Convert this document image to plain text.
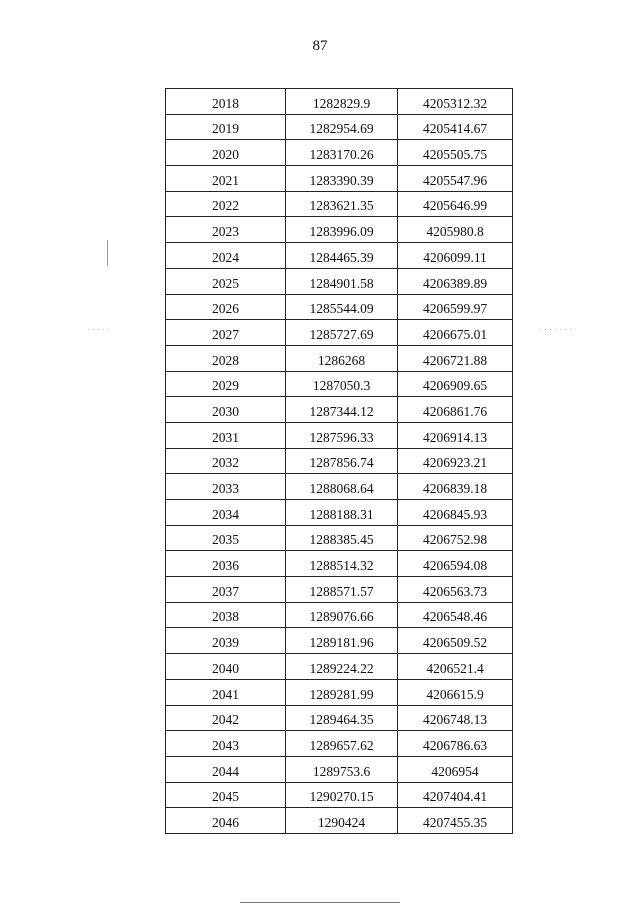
87
2018	1282829.9	4205312.32
2019	1282954.69	4205414.67
2020	1283170.26	4205505.75
2021	1283390.39	4205547.96
2022	1283621.35	4205646.99
2023	1283996.09	4205980.8
2024	1284465.39	4206099.11
2025	1284901.58	4206389.89
2026	1285544.09	4206599.97
2027	1285727.69	4206675.01
2028	1286268	4206721.88
2029	1287050.3	4206909.65
2030	1287344.12	4206861.76
2031	1287596.33	4206914.13
2032	1287856.74	4206923.21
2033	1288068.64	4206839.18
2034	1288188.31	4206845.93
2035	1288385.45	4206752.98
2036	1288514.32	4206594.08
2037	1288571.57	4206563.73
2038	1289076.66	4206548.46
2039	1289181.96	4206509.52
2040	1289224.22	4206521.4
2041	1289281.99	4206615.9
2042	1289464.35	4206748.13
2043	1289657.62	4206786.63
2044	1289753.6	4206954
2045	1290270.15	4207404.41
2046	1290424	4207455.35
